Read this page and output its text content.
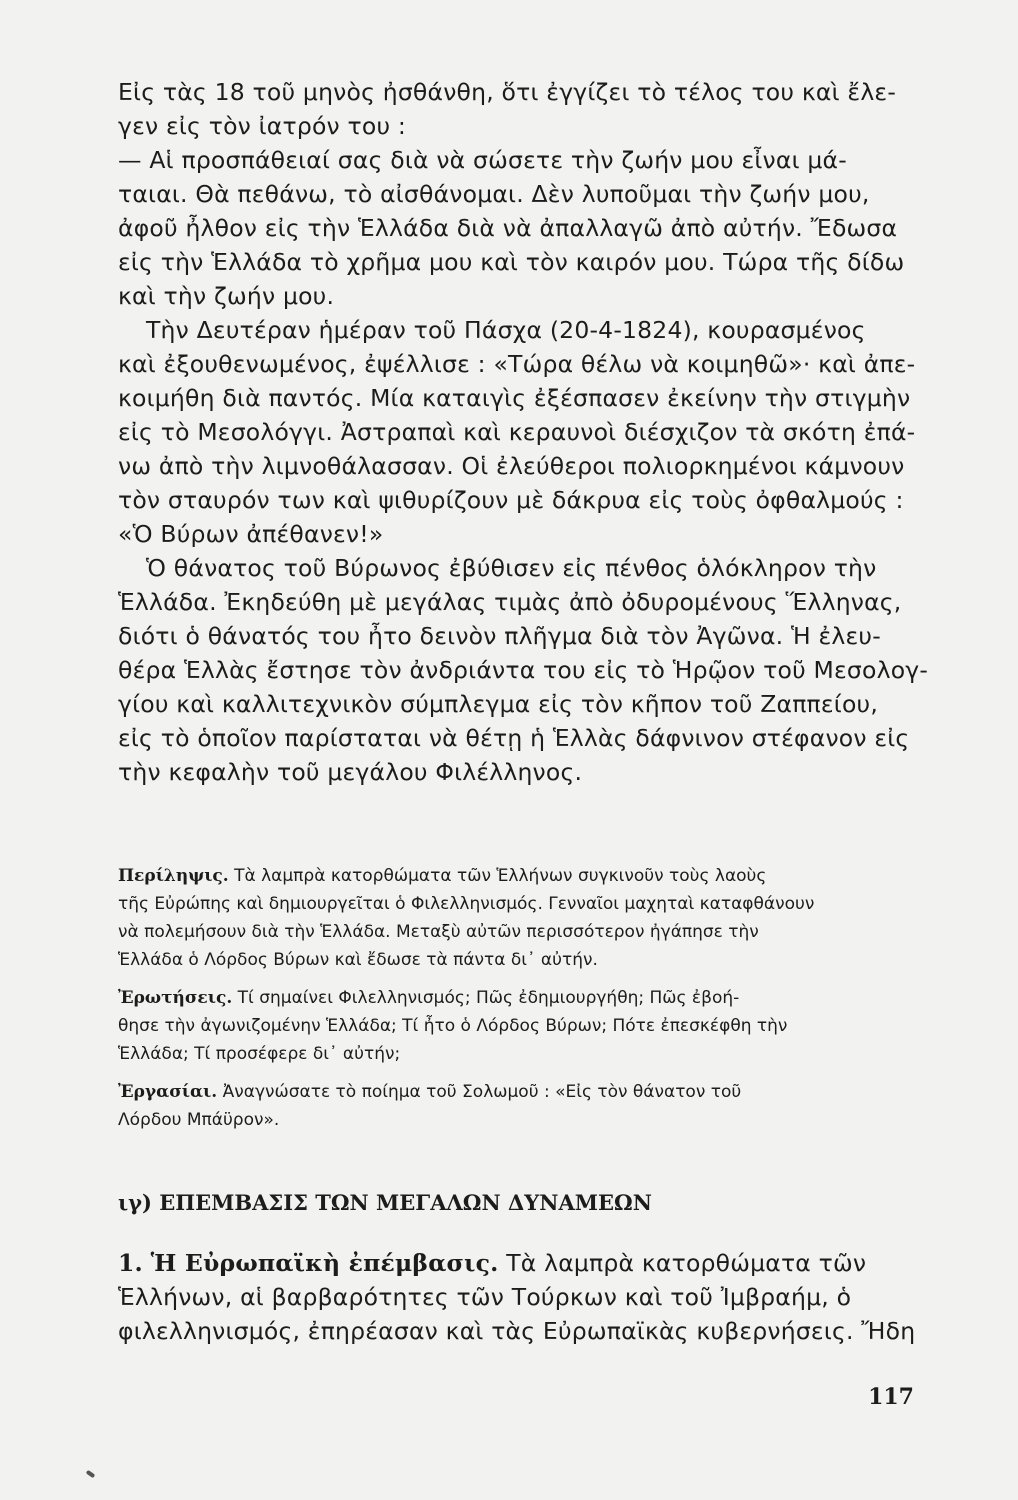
Εἰς τὰς 18 τοῦ μηνὸς ἠσθάνθη, ὅτι ἐγγίζει τὸ τέλος του καὶ ἔλε-
γεν εἰς τὸν ἰατρόν του :
— Αἱ προσπάθειαί σας διὰ νὰ σώσετε τὴν ζωήν μου εἶναι μά-
ταιαι. Θὰ πεθάνω, τὸ αἰσθάνομαι. Δὲν λυποῦμαι τὴν ζωήν μου,
ἀφοῦ ἦλθον εἰς τὴν Ἑλλάδα διὰ νὰ ἀπαλλαγῶ ἀπὸ αὐτήν. Ἔδωσα
εἰς τὴν Ἑλλάδα τὸ χρῆμα μου καὶ τὸν καιρόν μου. Τώρα τῆς δίδω
καὶ τὴν ζωήν μου.
Τὴν Δευτέραν ἡμέραν τοῦ Πάσχα (20-4-1824), κουρασμένος
καὶ ἐξουθενωμένος, ἐψέλλισε : «Τώρα θέλω νὰ κοιμηθῶ»· καὶ ἀπε-
κοιμήθη διὰ παντός. Μία καταιγὶς ἐξέσπασεν ἐκείνην τὴν στιγμὴν
εἰς τὸ Μεσολόγγι. Ἀστραπαὶ καὶ κεραυνοὶ διέσχιζον τὰ σκότη ἐπά-
νω ἀπὸ τὴν λιμνοθάλασσαν. Οἱ ἐλεύθεροι πολιορκημένοι κάμνουν
τὸν σταυρόν των καὶ ψιθυρίζουν μὲ δάκρυα εἰς τοὺς ὀφθαλμούς :
«Ὁ Βύρων ἀπέθανεν!»
Ὁ θάνατος τοῦ Βύρωνος ἐβύθισεν εἰς πένθος ὁλόκληρον τὴν
Ἑλλάδα. Ἐκηδεύθη μὲ μεγάλας τιμὰς ἀπὸ ὀδυρομένους Ἕλληνας,
διότι ὁ θάνατός του ἦτο δεινὸν πλῆγμα διὰ τὸν Ἀγῶνα. Ἡ ἐλευ-
θέρα Ἑλλὰς ἔστησε τὸν ἀνδριάντα του εἰς τὸ Ἡρῷον τοῦ Μεσολογ-
γίου καὶ καλλιτεχνικὸν σύμπλεγμα εἰς τὸν κῆπον τοῦ Ζαππείου,
εἰς τὸ ὁποῖον παρίσταται νὰ θέτῃ ἡ Ἑλλὰς δάφνινον στέφανον εἰς
τὴν κεφαλὴν τοῦ μεγάλου Φιλέλληνος.
Περίληψις. Τὰ λαμπρὰ κατορθώματα τῶν Ἑλλήνων συγκινοῦν τοὺς λαοὺς
τῆς Εὐρώπης καὶ δημιουργεῖται ὁ Φιλελληνισμός. Γενναῖοι μαχηταὶ καταφθάνουν
νὰ πολεμήσουν διὰ τὴν Ἑλλάδα. Μεταξὺ αὐτῶν περισσότερον ἠγάπησε τὴν
Ἑλλάδα ὁ Λόρδος Βύρων καὶ ἔδωσε τὰ πάντα δι᾽ αὐτήν.
Ἐρωτήσεις. Τί σημαίνει Φιλελληνισμός; Πῶς ἐδημιουργήθη; Πῶς ἐβοή-
θησε τὴν ἀγωνιζομένην Ἑλλάδα; Τί ἦτο ὁ Λόρδος Βύρων; Πότε ἐπεσκέφθη τὴν
Ἑλλάδα; Τί προσέφερε δι᾽ αὐτήν;
Ἐργασίαι. Ἀναγνώσατε τὸ ποίημα τοῦ Σολωμοῦ : «Εἰς τὸν θάνατον τοῦ
Λόρδου Μπάϋρον».
ιγ) ΕΠΕΜΒΑΣΙΣ ΤΩΝ ΜΕΓΑΛΩΝ ΔΥΝΑΜΕΩΝ
1. Ἡ Εὐρωπαϊκὴ ἐπέμβασις. Τὰ λαμπρὰ κατορθώματα τῶν
Ἑλλήνων, αἱ βαρβαρότητες τῶν Τούρκων καὶ τοῦ Ἰμβραήμ, ὁ
φιλελληνισμός, ἐπηρέασαν καὶ τὰς Εὐρωπαϊκὰς κυβερνήσεις. Ἤδη
117
